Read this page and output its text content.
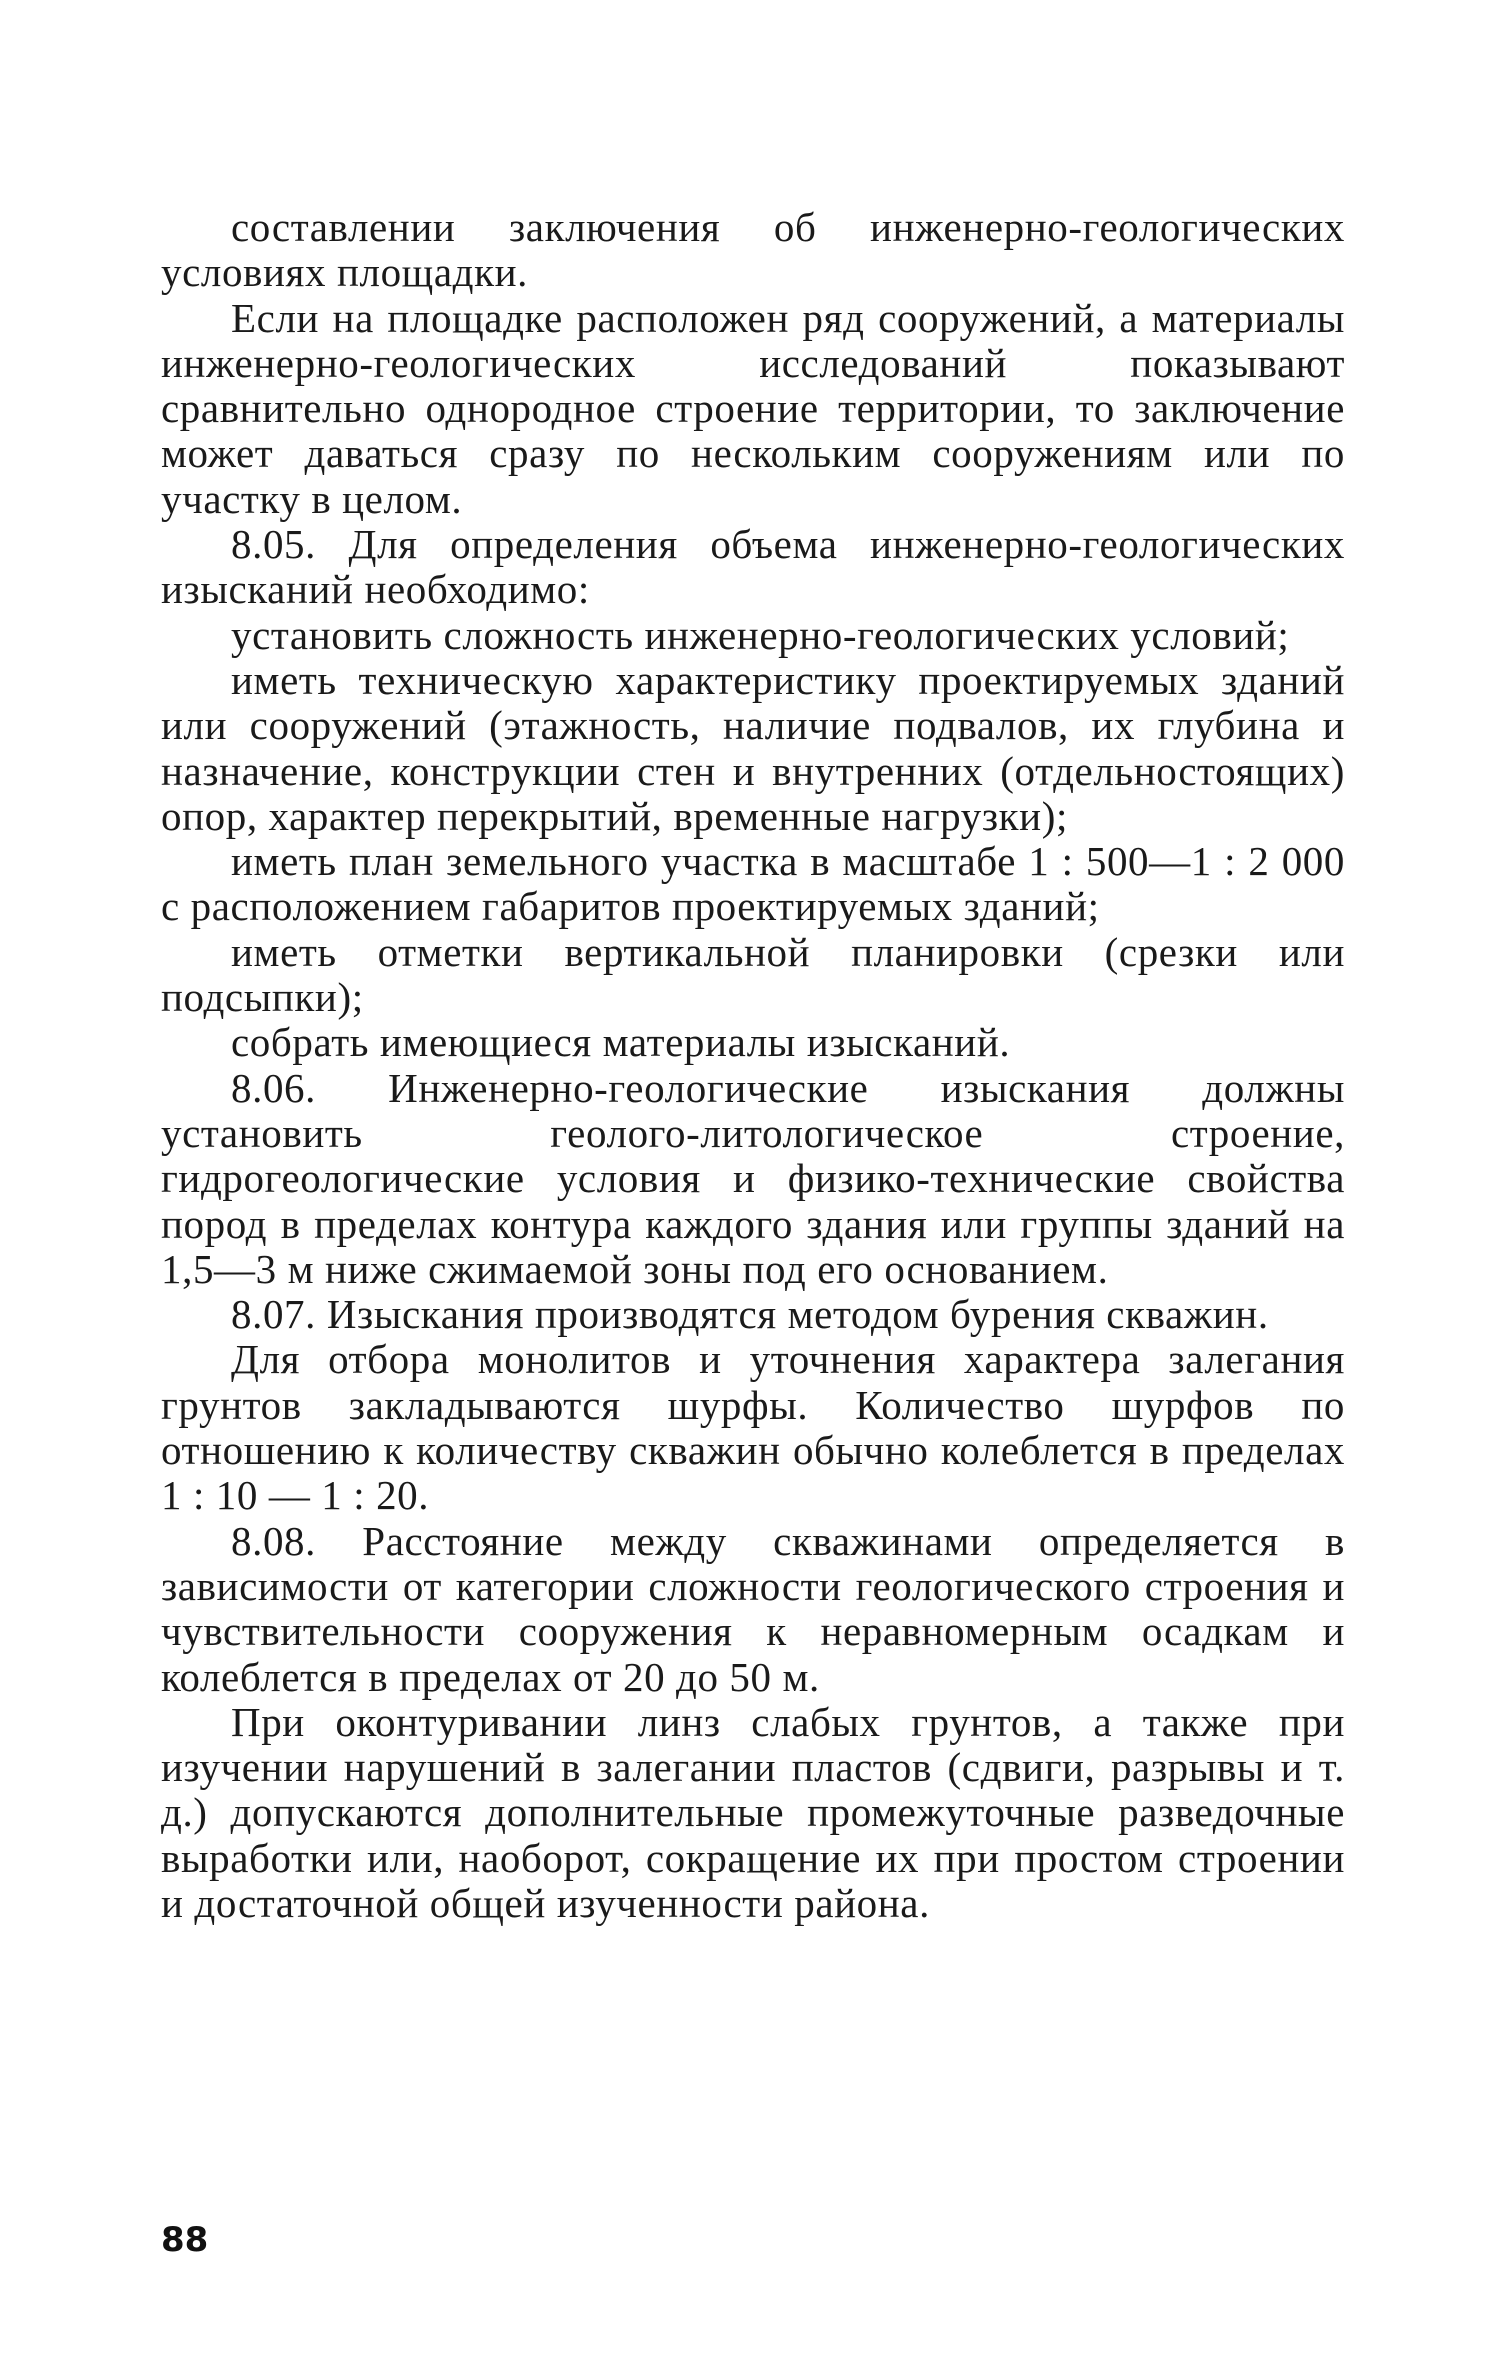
составлении заключения об инженерно-геологических условиях площадки.

Если на площадке расположен ряд сооружений, а материалы инженерно-геологических исследований показывают сравнительно однородное строение территории, то заключение может даваться сразу по нескольким сооружениям или по участку в целом.

8.05. Для определения объема инженерно-геологических изысканий необходимо:

установить сложность инженерно-геологических условий;

иметь техническую характеристику проектируемых зданий или сооружений (этажность, наличие подвалов, их глубина и назначение, конструкции стен и внутренних (отдельностоящих) опор, характер перекрытий, временные нагрузки);

иметь план земельного участка в масштабе 1 : 500—1 : 2 000 с расположением габаритов проектируемых зданий;

иметь отметки вертикальной планировки (срезки или подсыпки);

собрать имеющиеся материалы изысканий.

8.06. Инженерно-геологические изыскания должны установить геолого-литологическое строение, гидрогеологические условия и физико-технические свойства пород в пределах контура каждого здания или группы зданий на 1,5—3 м ниже сжимаемой зоны под его основанием.

8.07. Изыскания производятся методом бурения скважин.

Для отбора монолитов и уточнения характера залегания грунтов закладываются шурфы. Количество шурфов по отношению к количеству скважин обычно колеблется в пределах 1 : 10 — 1 : 20.

8.08. Расстояние между скважинами определяется в зависимости от категории сложности геологического строения и чувствительности сооружения к неравномерным осадкам и колеблется в пределах от 20 до 50 м.

При оконтуривании линз слабых грунтов, а также при изучении нарушений в залегании пластов (сдвиги, разрывы и т. д.) допускаются дополнительные промежуточные разведочные выработки или, наоборот, сокращение их при простом строении и достаточной общей изученности района.

88
